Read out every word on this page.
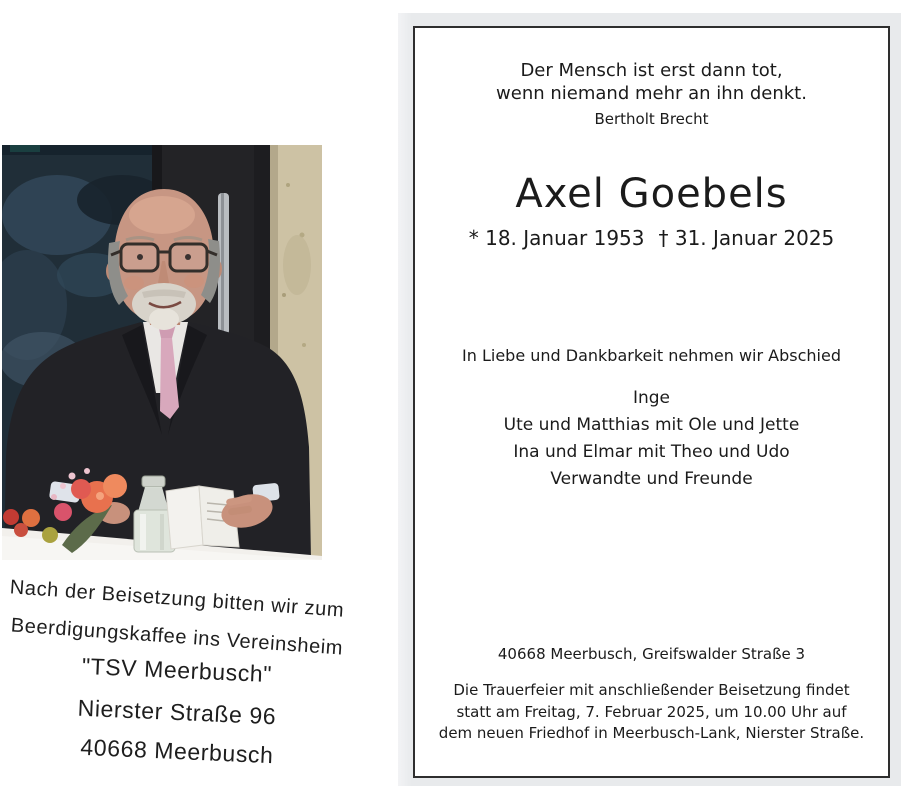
Nach der Beisetzung bitten wir zum
Beerdigungskaffee ins Vereinsheim
"TSV Meerbusch"
Nierster Straße 96
40668 Meerbusch
Der Mensch ist erst dann tot,
wenn niemand mehr an ihn denkt.
Bertholt Brecht
Axel Goebels
* 18. Januar 1953 † 31. Januar 2025
In Liebe und Dankbarkeit nehmen wir Abschied
Inge
Ute und Matthias mit Ole und Jette
Ina und Elmar mit Theo und Udo
Verwandte und Freunde
40668 Meerbusch, Greifswalder Straße 3
Die Trauerfeier mit anschließender Beisetzung findet
statt am Freitag, 7. Februar 2025, um 10.00 Uhr auf
dem neuen Friedhof in Meerbusch-Lank, Nierster Straße.
